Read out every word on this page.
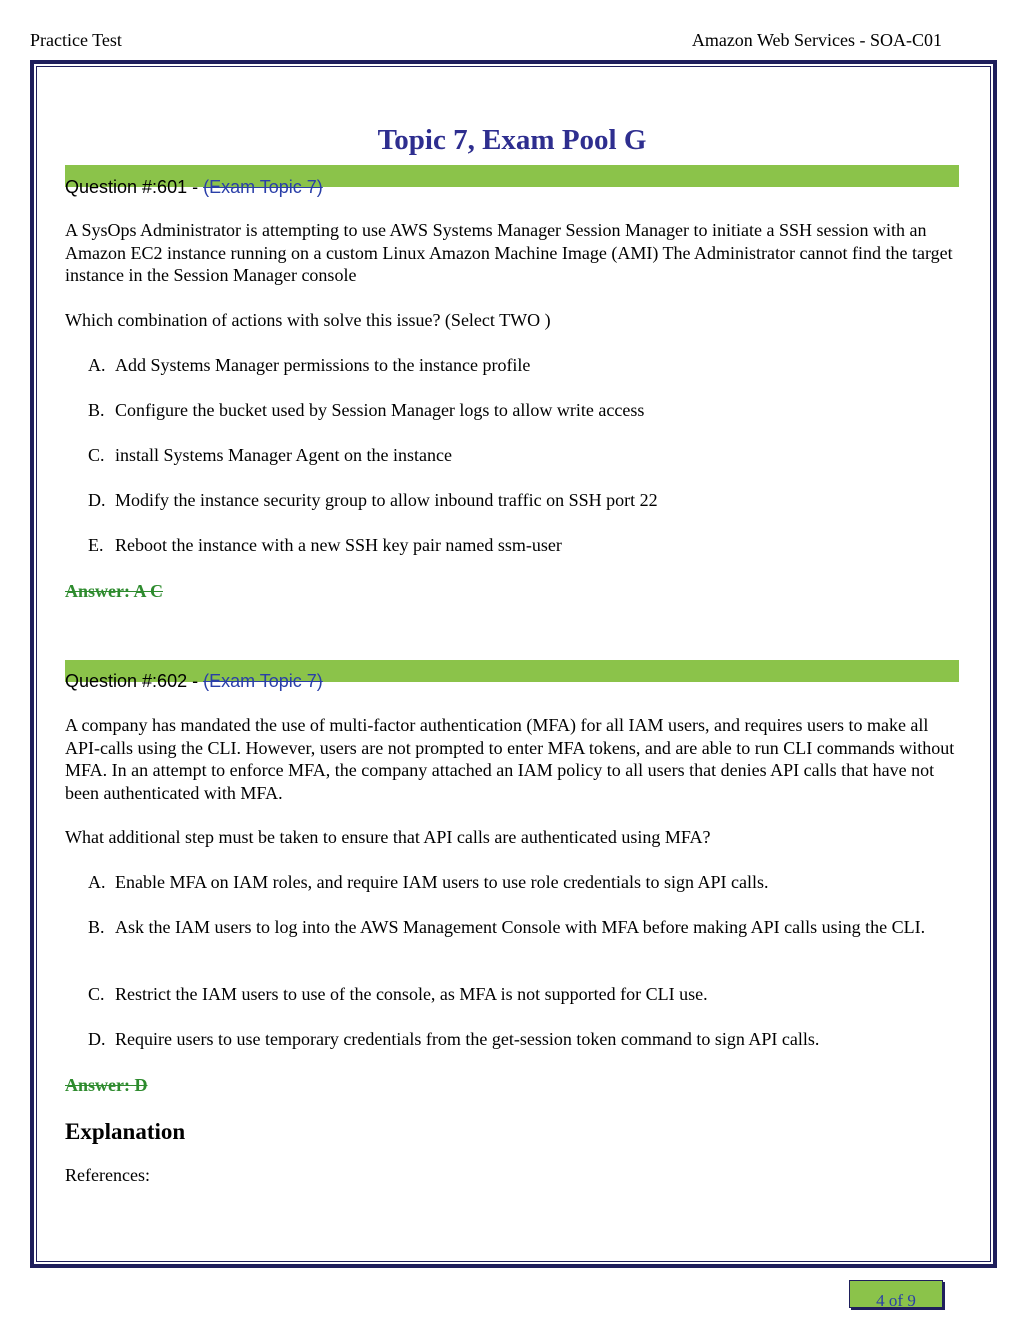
Practice Test	Amazon Web Services - SOA-C01
Topic 7, Exam Pool G
Question #:601 - (Exam Topic 7)
A SysOps Administrator is attempting to use AWS Systems Manager Session Manager to initiate a SSH session with an Amazon EC2 instance running on a custom Linux Amazon Machine Image (AMI) The Administrator cannot find the target instance in the Session Manager console
Which combination of actions with solve this issue? (Select TWO )
A. Add Systems Manager permissions to the instance profile
B. Configure the bucket used by Session Manager logs to allow write access
C. install Systems Manager Agent on the instance
D. Modify the instance security group to allow inbound traffic on SSH port 22
E. Reboot the instance with a new SSH key pair named ssm-user
Answer: A C
Question #:602 - (Exam Topic 7)
A company has mandated the use of multi-factor authentication (MFA) for all IAM users, and requires users to make all API-calls using the CLI. However, users are not prompted to enter MFA tokens, and are able to run CLI commands without MFA. In an attempt to enforce MFA, the company attached an IAM policy to all users that denies API calls that have not been authenticated with MFA.
What additional step must be taken to ensure that API calls are authenticated using MFA?
A. Enable MFA on IAM roles, and require IAM users to use role credentials to sign API calls.
B. Ask the IAM users to log into the AWS Management Console with MFA before making API calls using the CLI.
C. Restrict the IAM users to use of the console, as MFA is not supported for CLI use.
D. Require users to use temporary credentials from the get-session token command to sign API calls.
Answer: D
Explanation
References:
4 of 9
